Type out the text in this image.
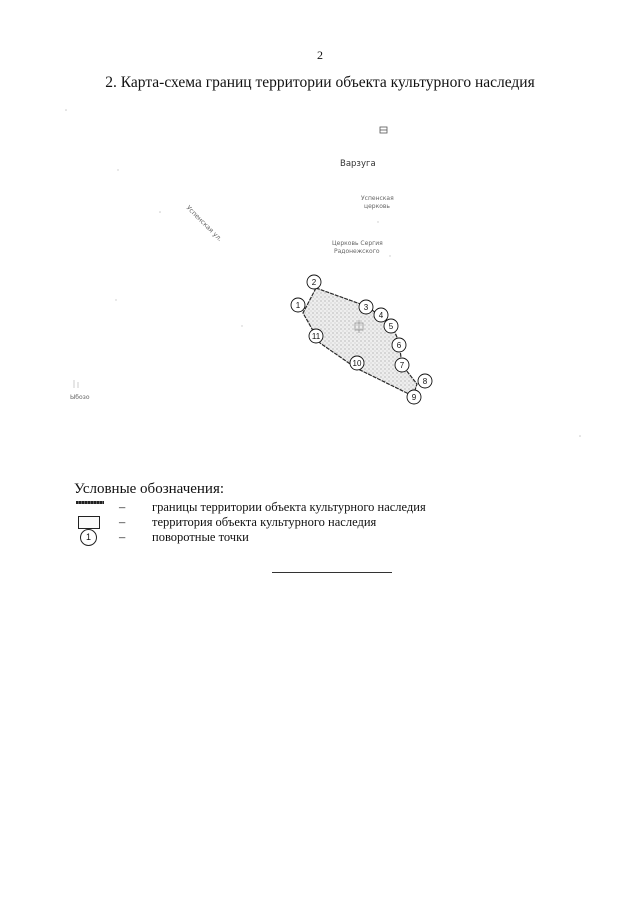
2
2. Карта-схема границ территории объекта культурного наследия
Варзуга
Успенская ул.
Успенская
церковь
Церковь Сергия
Радонежского
Ыбозо
1
2
3
4
5
6
7
8
9
10
11
Условные обозначения:
– границы территории объекта культурного наследия
– территория объекта культурного наследия
1	– поворотные точки
